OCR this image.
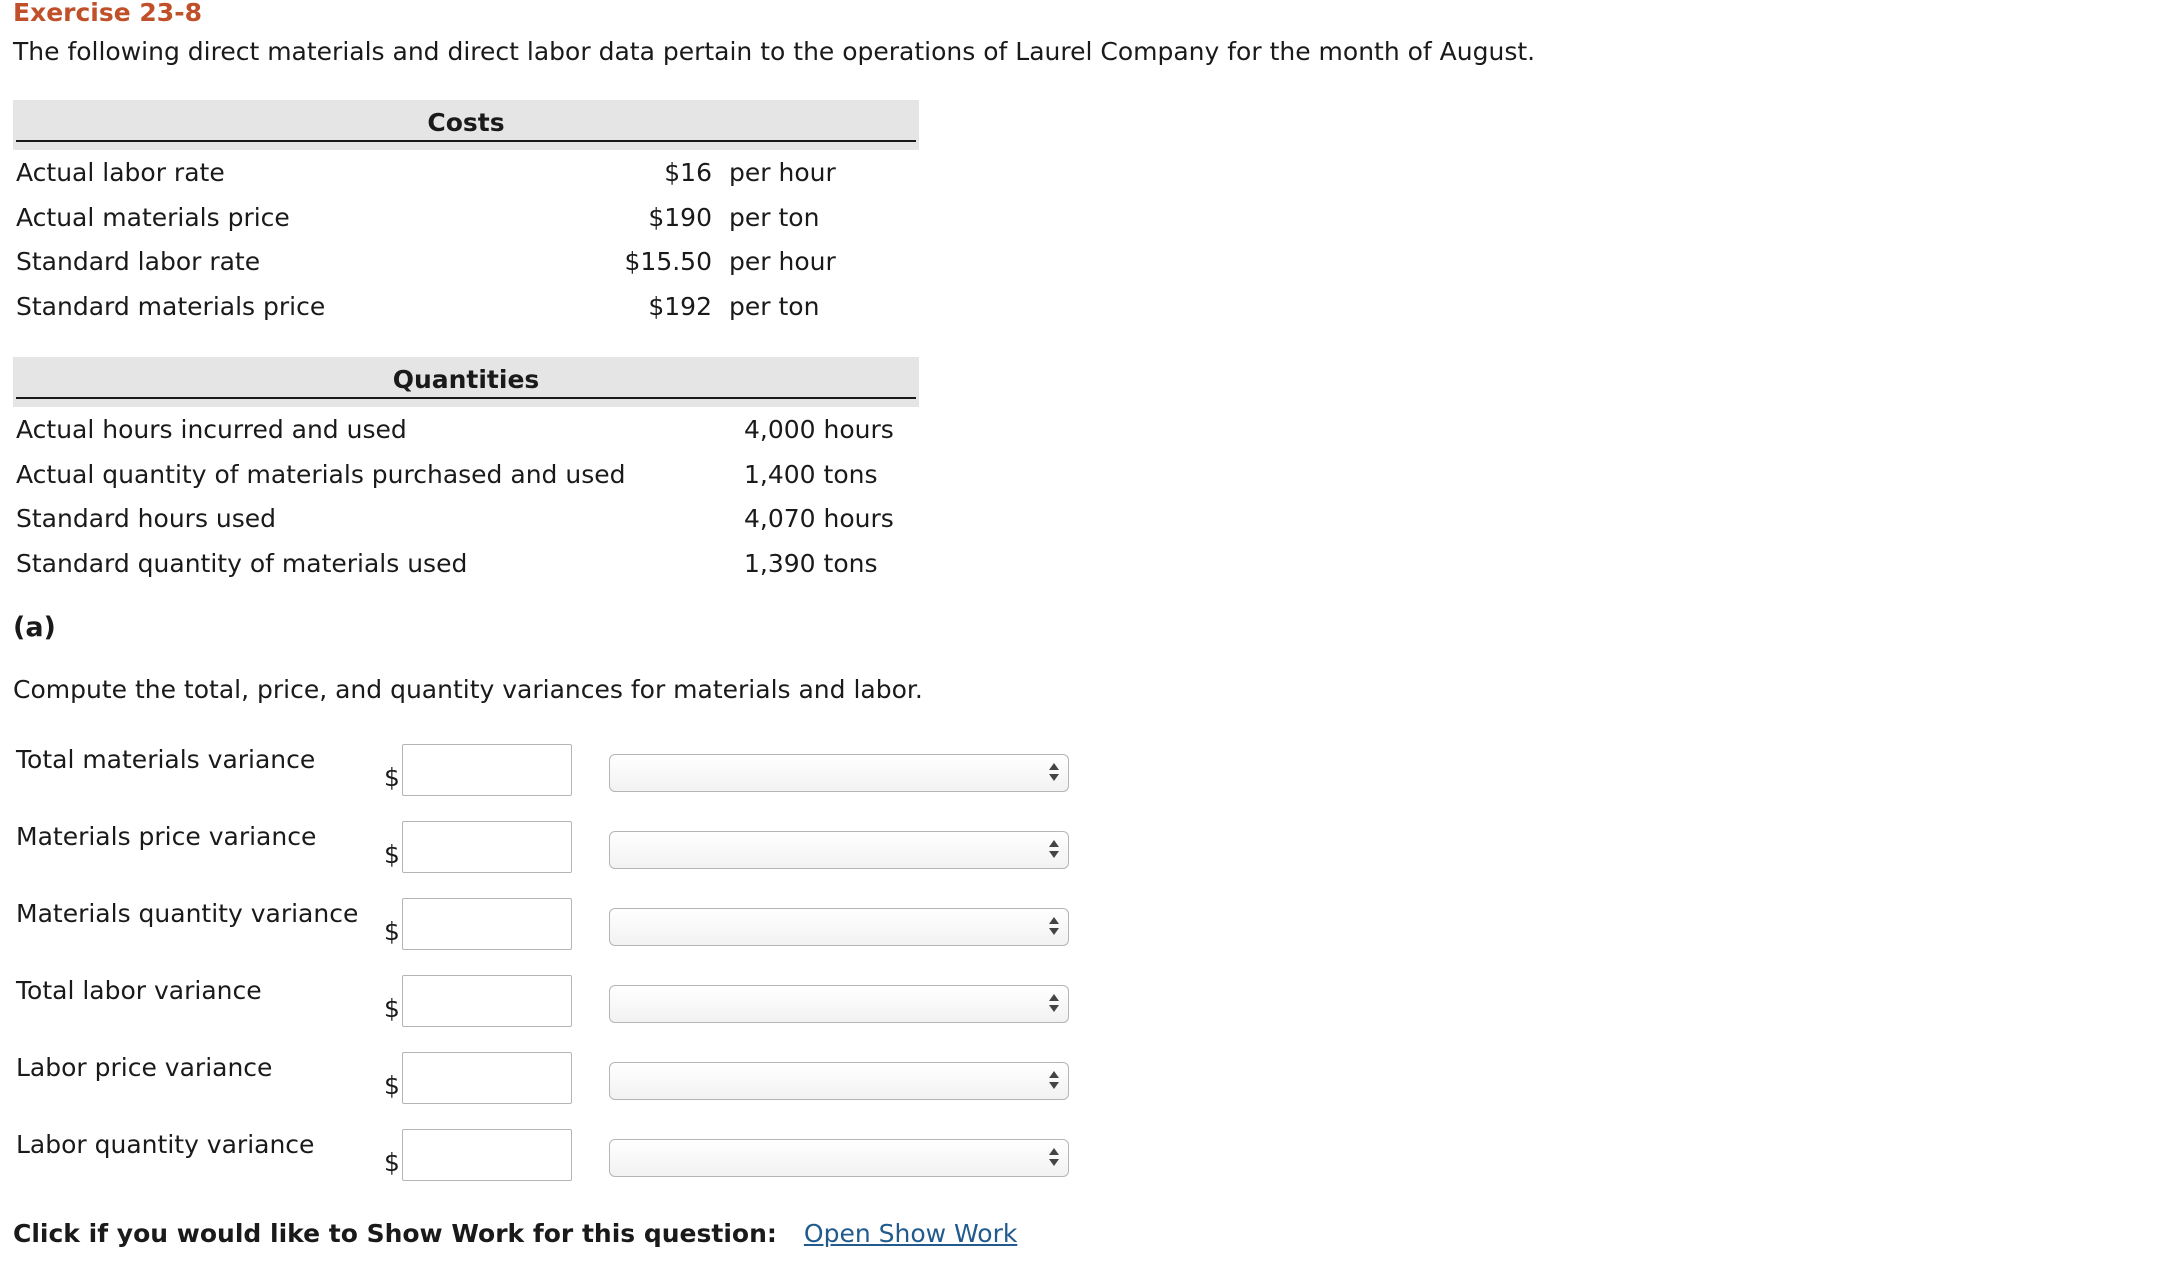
Exercise 23-8
The following direct materials and direct labor data pertain to the operations of Laurel Company for the month of August.
Costs
Actual labor rate	$16 per hour
Actual materials price	$190 per ton
Standard labor rate	$15.50 per hour
Standard materials price	$192 per ton
Quantities
Actual hours incurred and used	4,000 hours
Actual quantity of materials purchased and used	1,400 tons
Standard hours used	4,070 hours
Standard quantity of materials used	1,390 tons
(a)
Compute the total, price, and quantity variances for materials and labor.
Total materials variance
$
Materials price variance
$
Materials quantity variance
$
Total labor variance
$
Labor price variance
$
Labor quantity variance
$
Click if you would like to Show Work for this question: Open Show Work
